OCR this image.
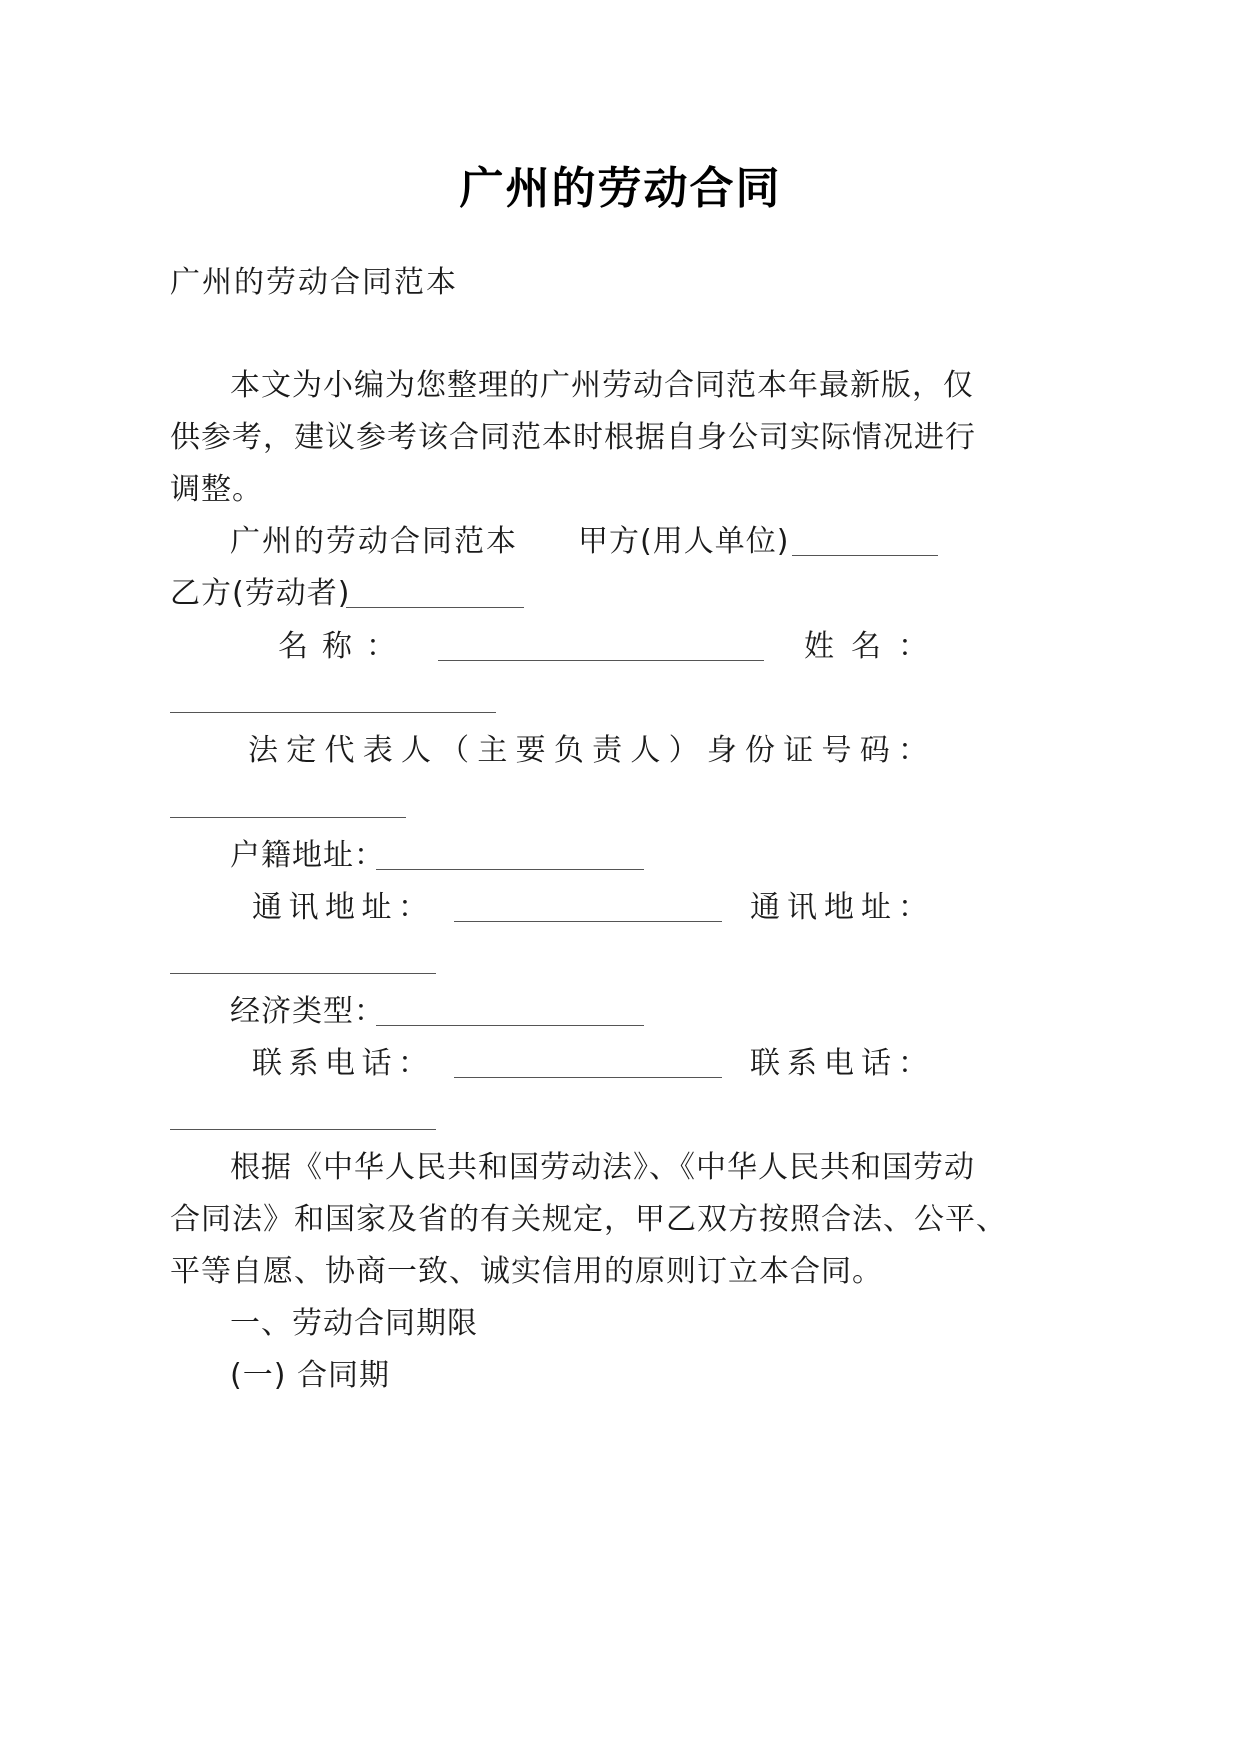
广州的劳动合同
广州的劳动合同范本
本文为小编为您整理的广州劳动合同范本年最新版，仅
供参考，建议参考该合同范本时根据自身公司实际情况进行
调整。
广州的劳动合同范本 甲方(用人单位)
乙方(劳动者)
名 称 ：	姓 名 ：
法 定 代 表 人 （ 主 要 负 责 人 ） 身 份 证 号 码 ：
户籍地址：
通 讯 地 址 ：	通 讯 地 址 ：
经济类型：
联 系 电 话 ：	联 系 电 话 ：
根据《中华人民共和国劳动法》、《中华人民共和国劳动
合同法》和国家及省的有关规定，甲乙双方按照合法、公平、
平等自愿、协商一致、诚实信用的原则订立本合同。
一、劳动合同期限
(一) 合同期
